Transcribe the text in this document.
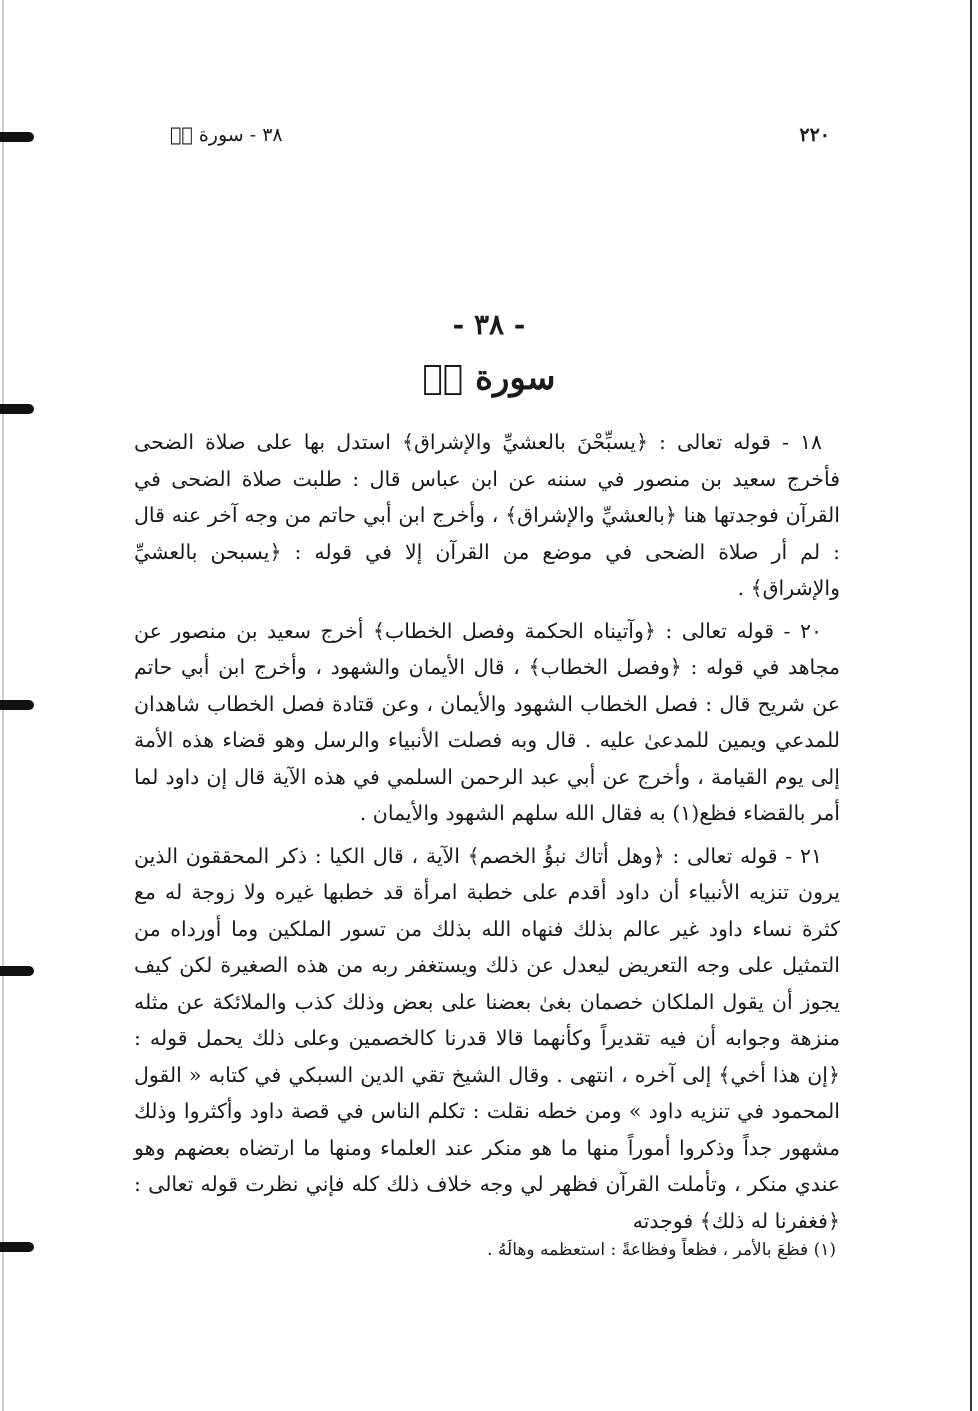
٢٢٠
٣٨ - سورة صۤ
- ٣٨ -
سورة صۤ

١٨ - قوله تعالى : ﴿يسبِّحْنَ بالعشيِّ والإشراق﴾ استدل بها على صلاة الضحى فأخرج سعيد بن منصور في سننه عن ابن عباس قال : طلبت صلاة الضحى في القرآن فوجدتها هنا ﴿بالعشيِّ والإشراق﴾ ، وأخرج ابن أبي حاتم من وجه آخر عنه قال : لم أر صلاة الضحى في موضع من القرآن إلا في قوله : ﴿يسبحن بالعشيِّ والإشراق﴾ .

٢٠ - قوله تعالى : ﴿وآتيناه الحكمة وفصل الخطاب﴾ أخرج سعيد بن منصور عن مجاهد في قوله : ﴿وفصل الخطاب﴾ ، قال الأيمان والشهود ، وأخرج ابن أبي حاتم عن شريح قال : فصل الخطاب الشهود والأيمان ، وعن قتادة فصل الخطاب شاهدان للمدعي ويمين للمدعىٰ عليه . قال وبه فصلت الأنبياء والرسل وهو قضاء هذه الأمة إلى يوم القيامة ، وأخرج عن أبي عبد الرحمن السلمي في هذه الآية قال إن داود لما أمر بالقضاء فظع(١) به فقال الله سلهم الشهود والأيمان .

٢١ - قوله تعالى : ﴿وهل أتاك نبؤُ الخصم﴾ الآية ، قال الكيا : ذكر المحققون الذين يرون تنزيه الأنبياء أن داود أقدم على خطبة امرأة قد خطبها غيره ولا زوجة له مع كثرة نساء داود غير عالم بذلك فنهاه الله بذلك من تسور الملكين وما أورداه من التمثيل على وجه التعريض ليعدل عن ذلك ويستغفر ربه من هذه الصغيرة لكن كيف يجوز أن يقول الملكان خصمان بغىٰ بعضنا على بعض وذلك كذب والملائكة عن مثله منزهة وجوابه أن فيه تقديراً وكأنهما قالا قدرنا كالخصمين وعلى ذلك يحمل قوله : ﴿إن هذا أخي﴾ إلى آخره ، انتهى . وقال الشيخ تقي الدين السبكي في كتابه « القول المحمود في تنزيه داود » ومن خطه نقلت : تكلم الناس في قصة داود وأكثروا وذلك مشهور جداً وذكروا أموراً منها ما هو منكر عند العلماء ومنها ما ارتضاه بعضهم وهو عندي منكر ، وتأملت القرآن فظهر لي وجه خلاف ذلك كله فإني نظرت قوله تعالى : ﴿فغفرنا له ذلك﴾ فوجدته

(١) فظعَ بالأمر ، فظعاً وفظاعةً : استعظمه وهالَهُ .
